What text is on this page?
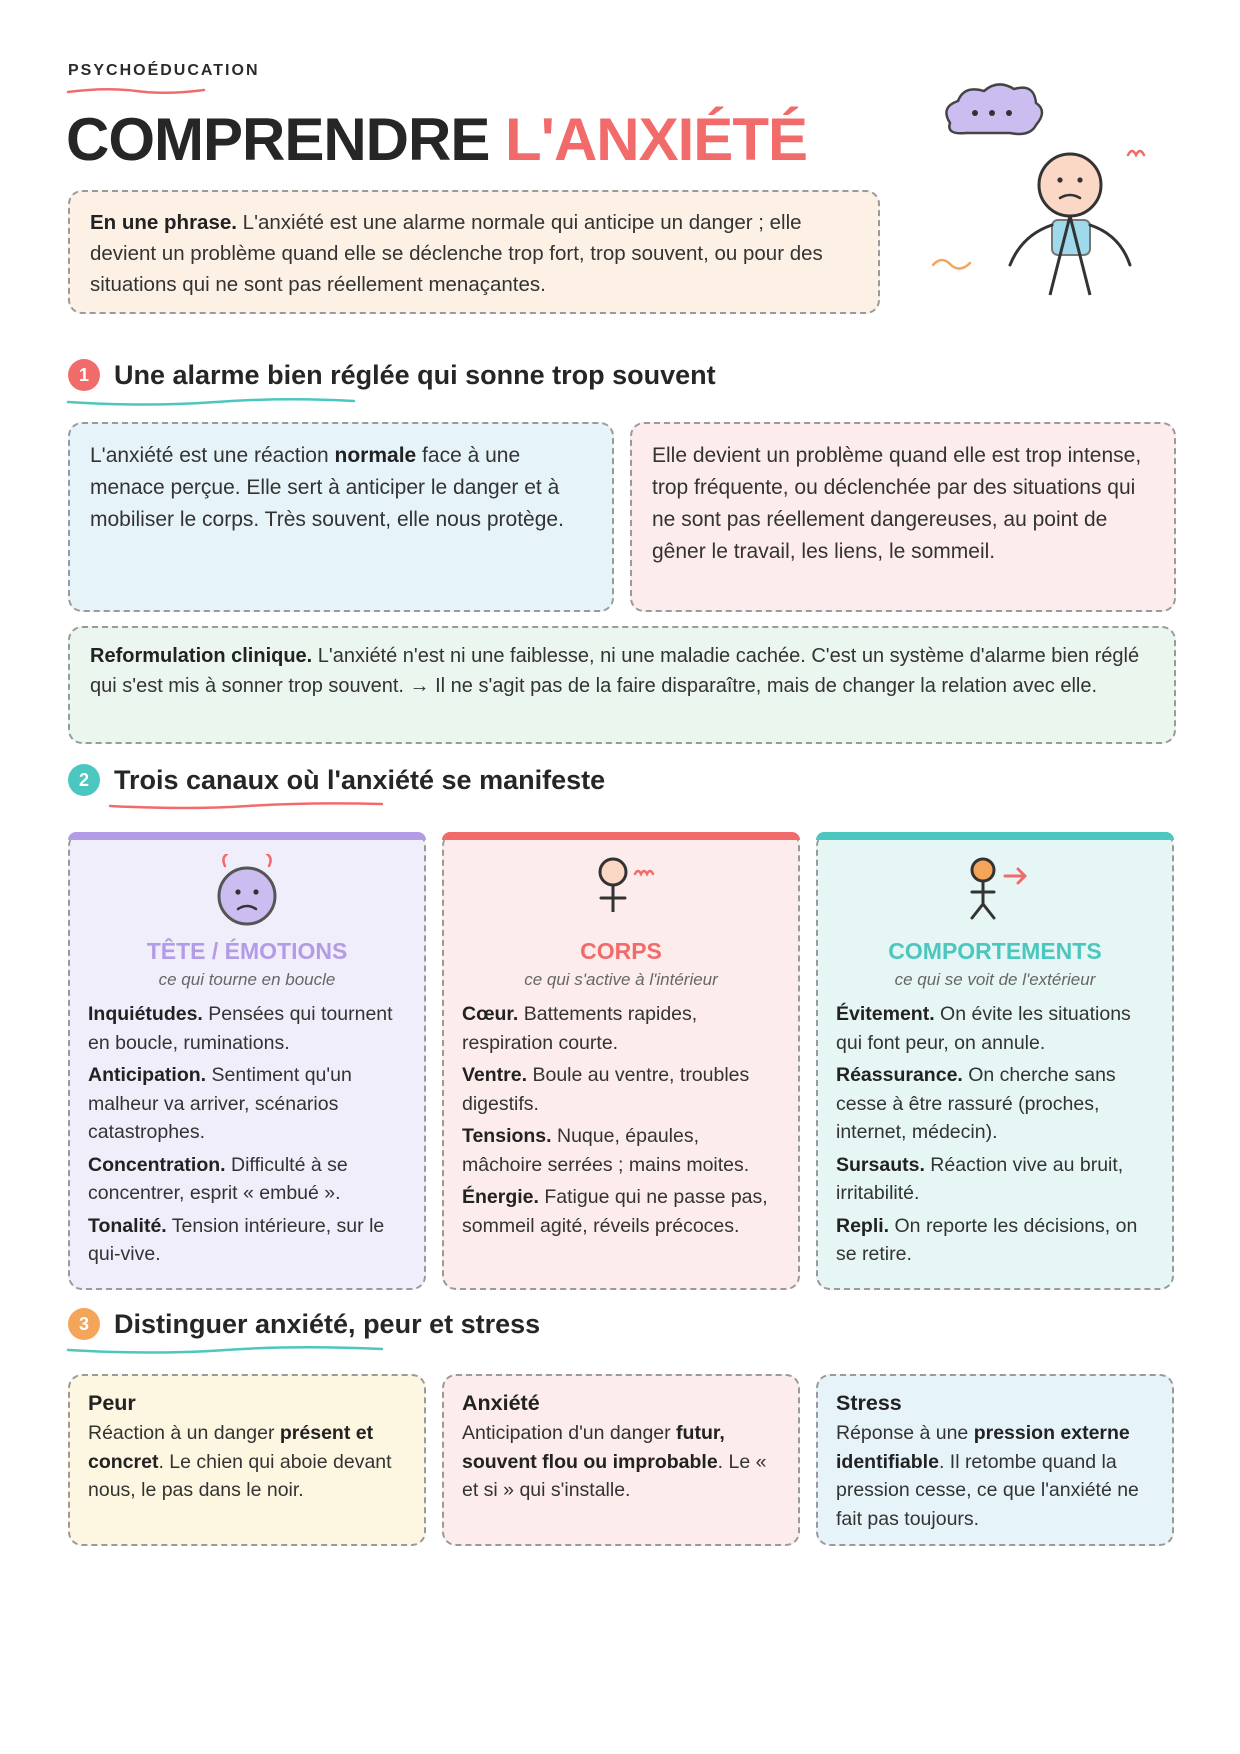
PSYCHOÉDUCATION
COMPRENDRE L'ANXIÉTÉ
En une phrase. L'anxiété est une alarme normale qui anticipe un danger ; elle devient un problème quand elle se déclenche trop fort, trop souvent, ou pour des situations qui ne sont pas réellement menaçantes.
1 Une alarme bien réglée qui sonne trop souvent
L'anxiété est une réaction normale face à une menace perçue. Elle sert à anticiper le danger et à mobiliser le corps. Très souvent, elle nous protège.
Elle devient un problème quand elle est trop intense, trop fréquente, ou déclenchée par des situations qui ne sont pas réellement dangereuses, au point de gêner le travail, les liens, le sommeil.
Reformulation clinique. L'anxiété n'est ni une faiblesse, ni une maladie cachée. C'est un système d'alarme bien réglé qui s'est mis à sonner trop souvent. → Il ne s'agit pas de la faire disparaître, mais de changer la relation avec elle.
2 Trois canaux où l'anxiété se manifeste
TÊTE / ÉMOTIONS
ce qui tourne en boucle
Inquiétudes. Pensées qui tournent en boucle, ruminations.
Anticipation. Sentiment qu'un malheur va arriver, scénarios catastrophes.
Concentration. Difficulté à se concentrer, esprit « embué ».
Tonalité. Tension intérieure, sur le qui-vive.
CORPS
ce qui s'active à l'intérieur
Cœur. Battements rapides, respiration courte.
Ventre. Boule au ventre, troubles digestifs.
Tensions. Nuque, épaules, mâchoire serrées ; mains moites.
Énergie. Fatigue qui ne passe pas, sommeil agité, réveils précoces.
COMPORTEMENTS
ce qui se voit de l'extérieur
Évitement. On évite les situations qui font peur, on annule.
Réassurance. On cherche sans cesse à être rassuré (proches, internet, médecin).
Sursauts. Réaction vive au bruit, irritabilité.
Repli. On reporte les décisions, on se retire.
3 Distinguer anxiété, peur et stress
Peur
Réaction à un danger présent et concret. Le chien qui aboie devant nous, le pas dans le noir.
Anxiété
Anticipation d'un danger futur, souvent flou ou improbable. Le « et si » qui s'installe.
Stress
Réponse à une pression externe identifiable. Il retombe quand la pression cesse, ce que l'anxiété ne fait pas toujours.
